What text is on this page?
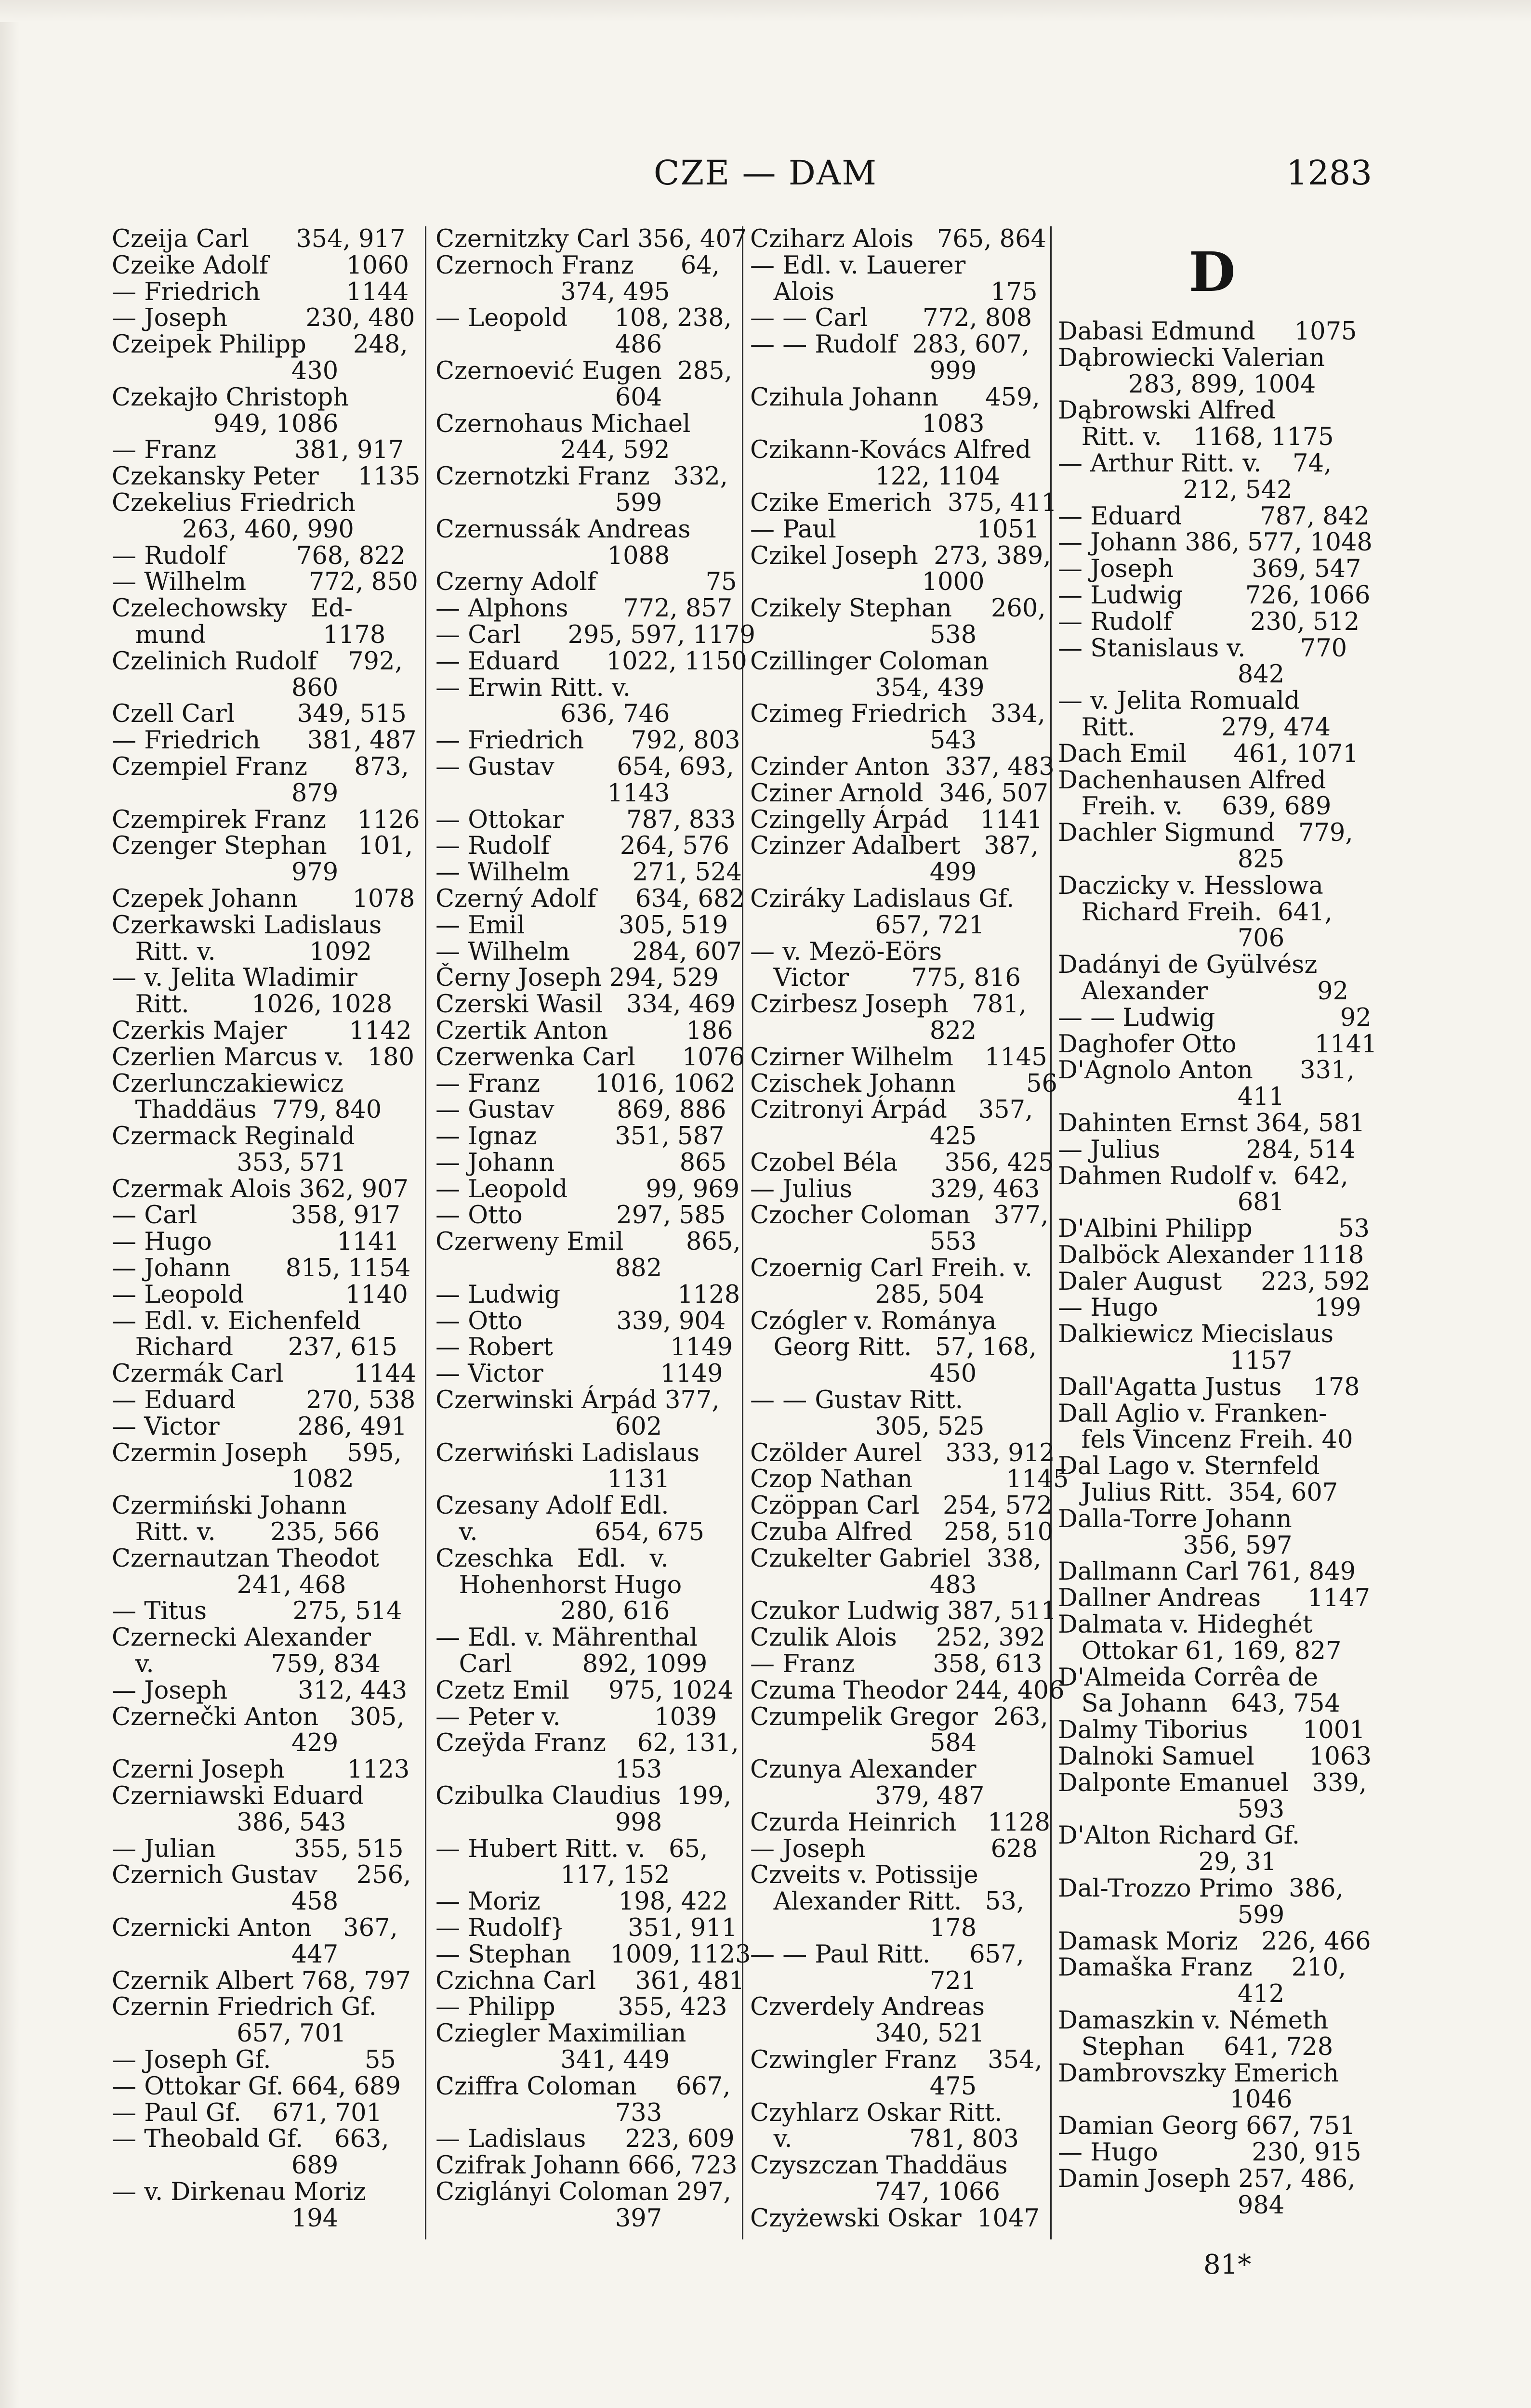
CZE — DAM	1283
Czeija Carl      354, 917
Czeike Adolf          1060
— Friedrich           1144
— Joseph          230, 480
Czeipek Philipp      248,
430
Czekajło Christoph
949, 1086
— Franz          381, 917
Czekansky Peter     1135
Czekelius Friedrich
263, 460, 990
— Rudolf         768, 822
— Wilhelm        772, 850
Czelechowsky   Ed-
mund               1178
Czelinich Rudolf    792,
860
Czell Carl        349, 515
— Friedrich      381, 487
Czempiel Franz      873,
879
Czempirek Franz    1126
Czenger Stephan    101,
979
Czepek Johann       1078
Czerkawski Ladislaus
Ritt. v.            1092
— v. Jelita Wladimir
Ritt.        1026, 1028
Czerkis Majer        1142
Czerlien Marcus v.   180
Czerlunczakiewicz
Thaddäus  779, 840
Czermack Reginald
353, 571
Czermak Alois 362, 907
— Carl            358, 917
— Hugo                1141
— Johann       815, 1154
— Leopold             1140
— Edl. v. Eichenfeld
Richard       237, 615
Czermák Carl         1144
— Eduard         270, 538
— Victor          286, 491
Czermin Joseph     595,
1082
Czermiński Johann
Ritt. v.       235, 566
Czernautzan Theodot
241, 468
— Titus           275, 514
Czernecki Alexander
v.               759, 834
— Joseph         312, 443
Czernečki Anton    305,
429
Czerni Joseph        1123
Czerniawski Eduard
386, 543
— Julian          355, 515
Czernich Gustav     256,
458
Czernicki Anton    367,
447
Czernik Albert 768, 797
Czernin Friedrich Gf.
657, 701
— Joseph Gf.            55
— Ottokar Gf. 664, 689
— Paul Gf.    671, 701
— Theobald Gf.    663,
689
— v. Dirkenau Moriz
194
Czernitzky Carl 356, 407
Czernoch Franz      64,
374, 495
— Leopold      108, 238,
486
Czernoević Eugen  285,
604
Czernohaus Michael
244, 592
Czernotzki Franz   332,
599
Czernussák Andreas
1088
Czerny Adolf              75
— Alphons       772, 857
— Carl      295, 597, 1179
— Eduard      1022, 1150
— Erwin Ritt. v.
636, 746
— Friedrich      792, 803
— Gustav        654, 693,
1143
— Ottokar        787, 833
— Rudolf         264, 576
— Wilhelm        271, 524
Czerný Adolf     634, 682
— Emil            305, 519
— Wilhelm        284, 607
Černy Joseph 294, 529
Czerski Wasil   334, 469
Czertik Anton          186
Czerwenka Carl      1076
— Franz       1016, 1062
— Gustav        869, 886
— Ignaz          351, 587
— Johann                865
— Leopold          99, 969
— Otto            297, 585
Czerweny Emil        865,
882
— Ludwig               1128
— Otto            339, 904
— Robert               1149
— Victor               1149
Czerwinski Árpád 377,
602
Czerwiński Ladislaus
1131
Czesany Adolf Edl.
v.               654, 675
Czeschka   Edl.   v.
Hohenhorst Hugo
280, 616
— Edl. v. Mährenthal
Carl         892, 1099
Czetz Emil     975, 1024
— Peter v.            1039
Czeÿda Franz    62, 131,
153
Czibulka Claudius  199,
998
— Hubert Ritt. v.   65,
117, 152
— Moriz          198, 422
— Rudolf}        351, 911
— Stephan     1009, 1123
Czichna Carl     361, 481
— Philipp        355, 423
Cziegler Maximilian
341, 449
Cziffra Coloman     667,
733
— Ladislaus     223, 609
Czifrak Johann 666, 723
Cziglányi Coloman 297,
397
Cziharz Alois   765, 864
— Edl. v. Lauerer
Alois                    175
— — Carl       772, 808
— — Rudolf  283, 607,
999
Czihula Johann      459,
1083
Czikann-Kovács Alfred
122, 1104
Czike Emerich  375, 411
— Paul                  1051
Czikel Joseph  273, 389,
1000
Czikely Stephan     260,
538
Czillinger Coloman
354, 439
Czimeg Friedrich   334,
543
Czinder Anton  337, 483
Cziner Arnold  346, 507
Czingelly Árpád    1141
Czinzer Adalbert   387,
499
Cziráky Ladislaus Gf.
657, 721
— v. Mezö-Eörs
Victor        775, 816
Czirbesz Joseph   781,
822
Czirner Wilhelm    1145
Czischek Johann         56
Czitronyi Árpád    357,
425
Czobel Béla      356, 425
— Julius          329, 463
Czocher Coloman   377,
553
Czoernig Carl Freih. v.
285, 504
Czógler v. Románya
Georg Ritt.   57, 168,
450
— — Gustav Ritt.
305, 525
Czölder Aurel   333, 912
Czop Nathan            1145
Czöppan Carl   254, 572
Czuba Alfred    258, 510
Czukelter Gabriel  338,
483
Czukor Ludwig 387, 511
Czulik Alois     252, 392
— Franz          358, 613
Czuma Theodor 244, 406
Czumpelik Gregor  263,
584
Czunya Alexander
379, 487
Czurda Heinrich    1128
— Joseph                628
Czveits v. Potissije
Alexander Ritt.   53,
178
— — Paul Ritt.     657,
721
Czverdely Andreas
340, 521
Czwingler Franz    354,
475
Czyhlarz Oskar Ritt.
v.               781, 803
Czyszczan Thaddäus
747, 1066
Czyżewski Oskar  1047
D
Dabasi Edmund     1075
Dąbrowiecki Valerian
283, 899, 1004
Dąbrowski Alfred
Ritt. v.    1168, 1175
— Arthur Ritt. v.    74,
212, 542
— Eduard          787, 842
— Johann 386, 577, 1048
— Joseph          369, 547
— Ludwig        726, 1066
— Rudolf          230, 512
— Stanislaus v.       770
842
— v. Jelita Romuald
Ritt.           279, 474
Dach Emil      461, 1071
Dachenhausen Alfred
Freih. v.     639, 689
Dachler Sigmund   779,
825
Daczicky v. Hesslowa
Richard Freih.  641,
706
Dadányi de Gyülvész
Alexander              92
— — Ludwig                92
Daghofer Otto          1141
D'Agnolo Anton      331,
411
Dahinten Ernst 364, 581
— Julius           284, 514
Dahmen Rudolf v.  642,
681
D'Albini Philipp           53
Dalböck Alexander 1118
Daler August     223, 592
— Hugo                    199
Dalkiewicz Miecislaus
1157
Dall'Agatta Justus    178
Dall Aglio v. Franken-
fels Vincenz Freih. 40
Dal Lago v. Sternfeld
Julius Ritt.  354, 607
Dalla-Torre Johann
356, 597
Dallmann Carl 761, 849
Dallner Andreas      1147
Dalmata v. Hideghét
Ottokar 61, 169, 827
D'Almeida Corrêa de
Sa Johann   643, 754
Dalmy Tiborius       1001
Dalnoki Samuel       1063
Dalponte Emanuel   339,
593
D'Alton Richard Gf.
29, 31
Dal-Trozzo Primo  386,
599
Damask Moriz   226, 466
Damaška Franz     210,
412
Damaszkin v. Németh
Stephan     641, 728
Dambrovszky Emerich
1046
Damian Georg 667, 751
— Hugo            230, 915
Damin Joseph 257, 486,
984
81*
